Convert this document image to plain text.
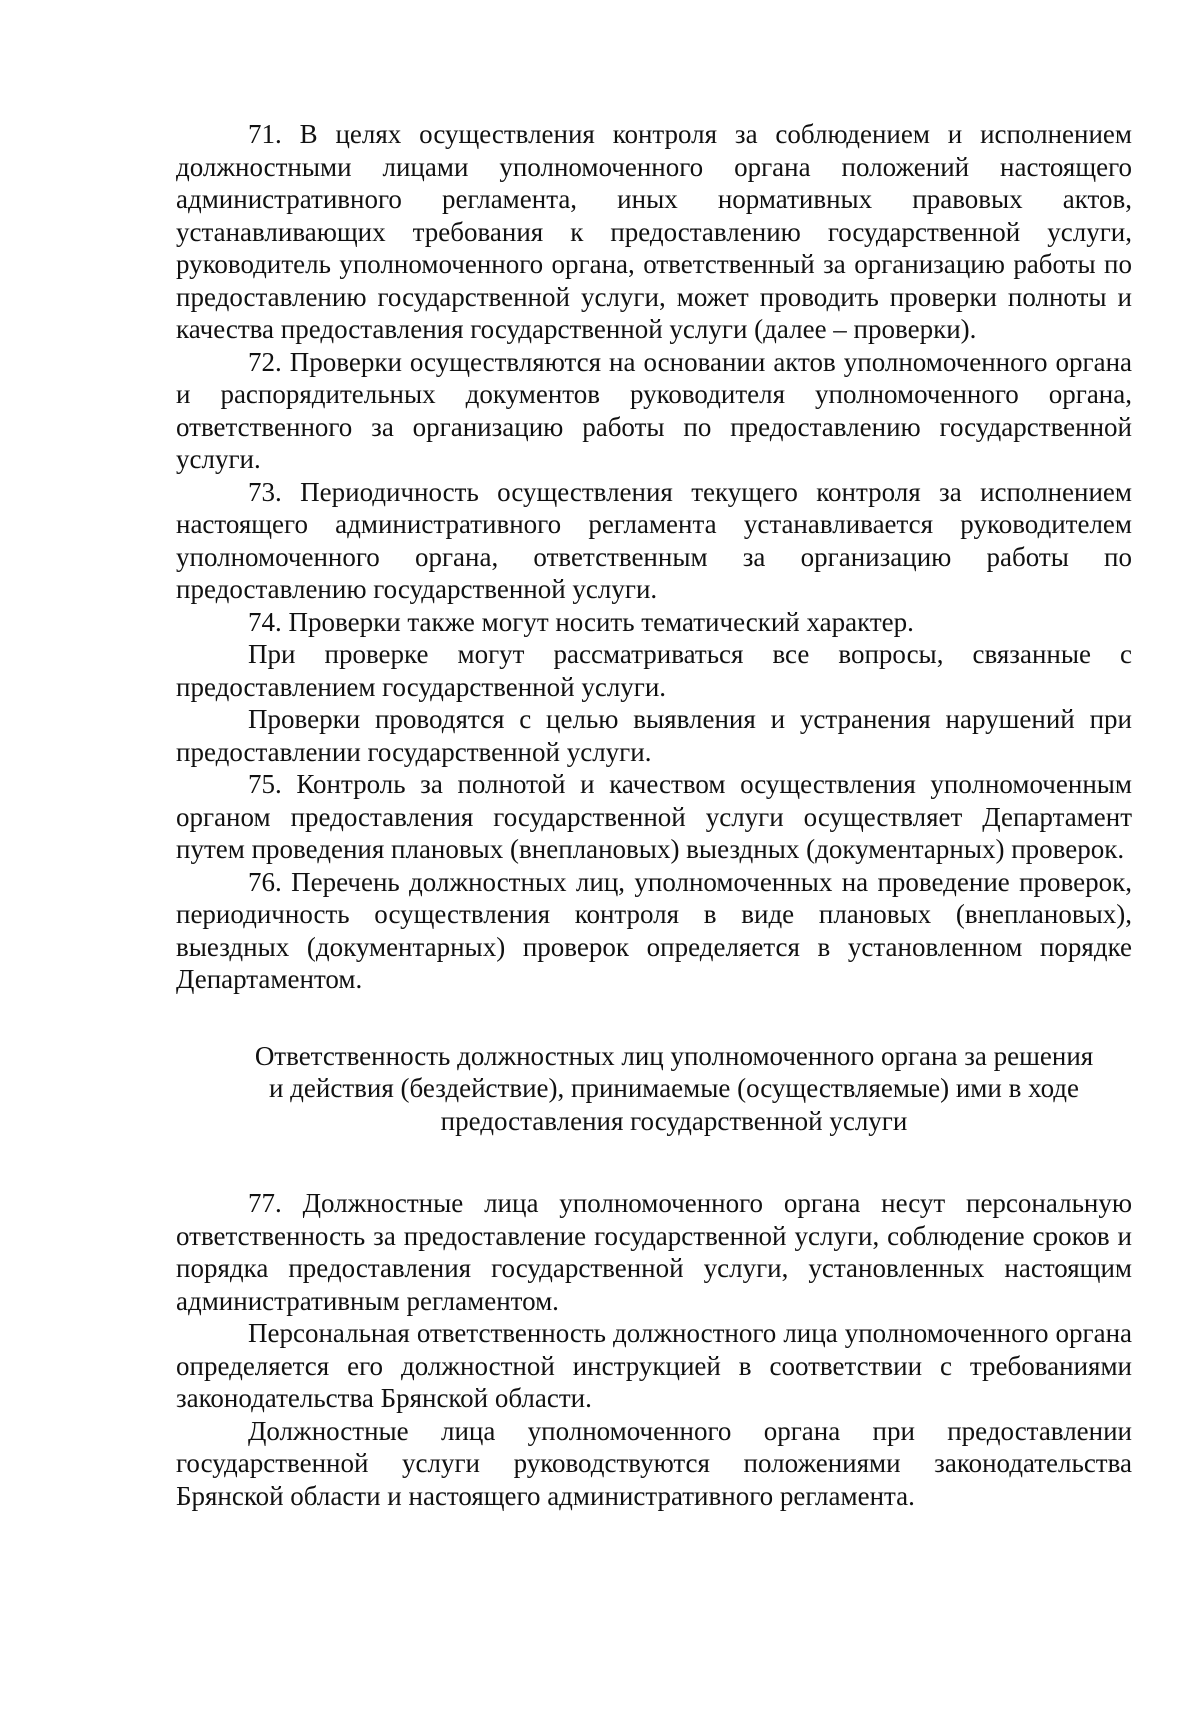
71. В целях осуществления контроля за соблюдением и исполнением должностными лицами уполномоченного органа положений настоящего административного регламента, иных нормативных правовых актов, устанавливающих требования к предоставлению государственной услуги, руководитель уполномоченного органа, ответственный за организацию работы по предоставлению государственной услуги, может проводить проверки полноты и качества предоставления государственной услуги (далее – проверки).

72. Проверки осуществляются на основании актов уполномоченного органа и распорядительных документов руководителя уполномоченного органа, ответственного за организацию работы по предоставлению государственной услуги.

73. Периодичность осуществления текущего контроля за исполнением настоящего административного регламента устанавливается руководителем уполномоченного органа, ответственным за организацию работы по предоставлению государственной услуги.

74. Проверки также могут носить тематический характер.

При проверке могут рассматриваться все вопросы, связанные с предоставлением государственной услуги.

Проверки проводятся с целью выявления и устранения нарушений при предоставлении государственной услуги.

75. Контроль за полнотой и качеством осуществления уполномоченным органом предоставления государственной услуги осуществляет Департамент путем проведения плановых (внеплановых) выездных (документарных) проверок.

76. Перечень должностных лиц, уполномоченных на проведение проверок, периодичность осуществления контроля в виде плановых (внеплановых), выездных (документарных) проверок определяется в установленном порядке Департаментом.

Ответственность должностных лиц уполномоченного органа за решения

и действия (бездействие), принимаемые (осуществляемые) ими в ходе

предоставления государственной услуги

77. Должностные лица уполномоченного органа несут персональную ответственность за предоставление государственной услуги, соблюдение сроков и порядка предоставления государственной услуги, установленных настоящим административным регламентом.

Персональная ответственность должностного лица уполномоченного органа определяется его должностной инструкцией в соответствии с требованиями законодательства Брянской области.

Должностные лица уполномоченного органа при предоставлении государственной услуги руководствуются положениями законодательства Брянской области и настоящего административного регламента.
